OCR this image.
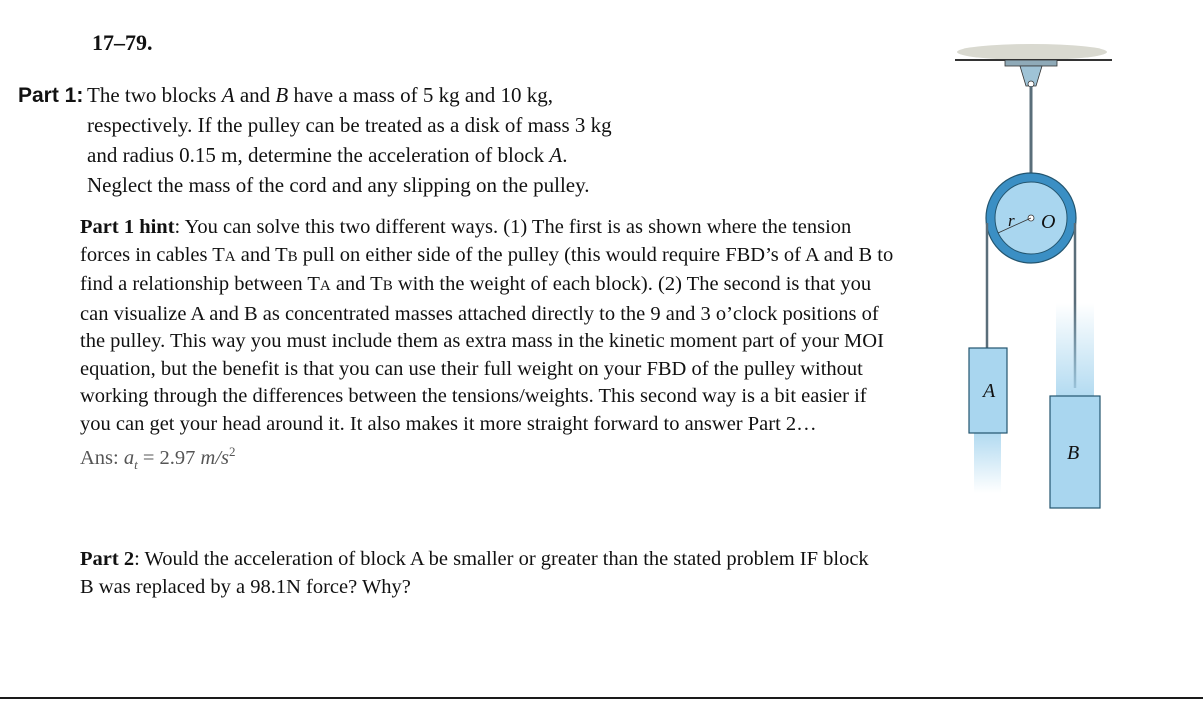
17–79.
Part 1: The two blocks A and B have a mass of 5 kg and 10 kg,
respectively. If the pulley can be treated as a disk of mass 3 kg
and radius 0.15 m, determine the acceleration of block A.
Neglect the mass of the cord and any slipping on the pulley.

Part 1 hint: You can solve this two different ways. (1) The first is as shown where the tension forces in cables TA and TB pull on either side of the pulley (this would require FBD’s of A and B to find a relationship between TA and TB with the weight of each block). (2) The second is that you can visualize A and B as concentrated masses attached directly to the 9 and 3 o’clock positions of the pulley. This way you must include them as extra mass in the kinetic moment part of your MOI equation, but the benefit is that you can use their full weight on your FBD of the pulley without working through the differences between the tensions/weights. This second way is a bit easier if you can get your head around it. It also makes it more straight forward to answer Part 2…

Ans: $a_t = 2.97$ $m/s^2$

Part 2: Would the acceleration of block A be smaller or greater than the stated problem IF block B was replaced by a 98.1N force? Why?
r O
A
B
